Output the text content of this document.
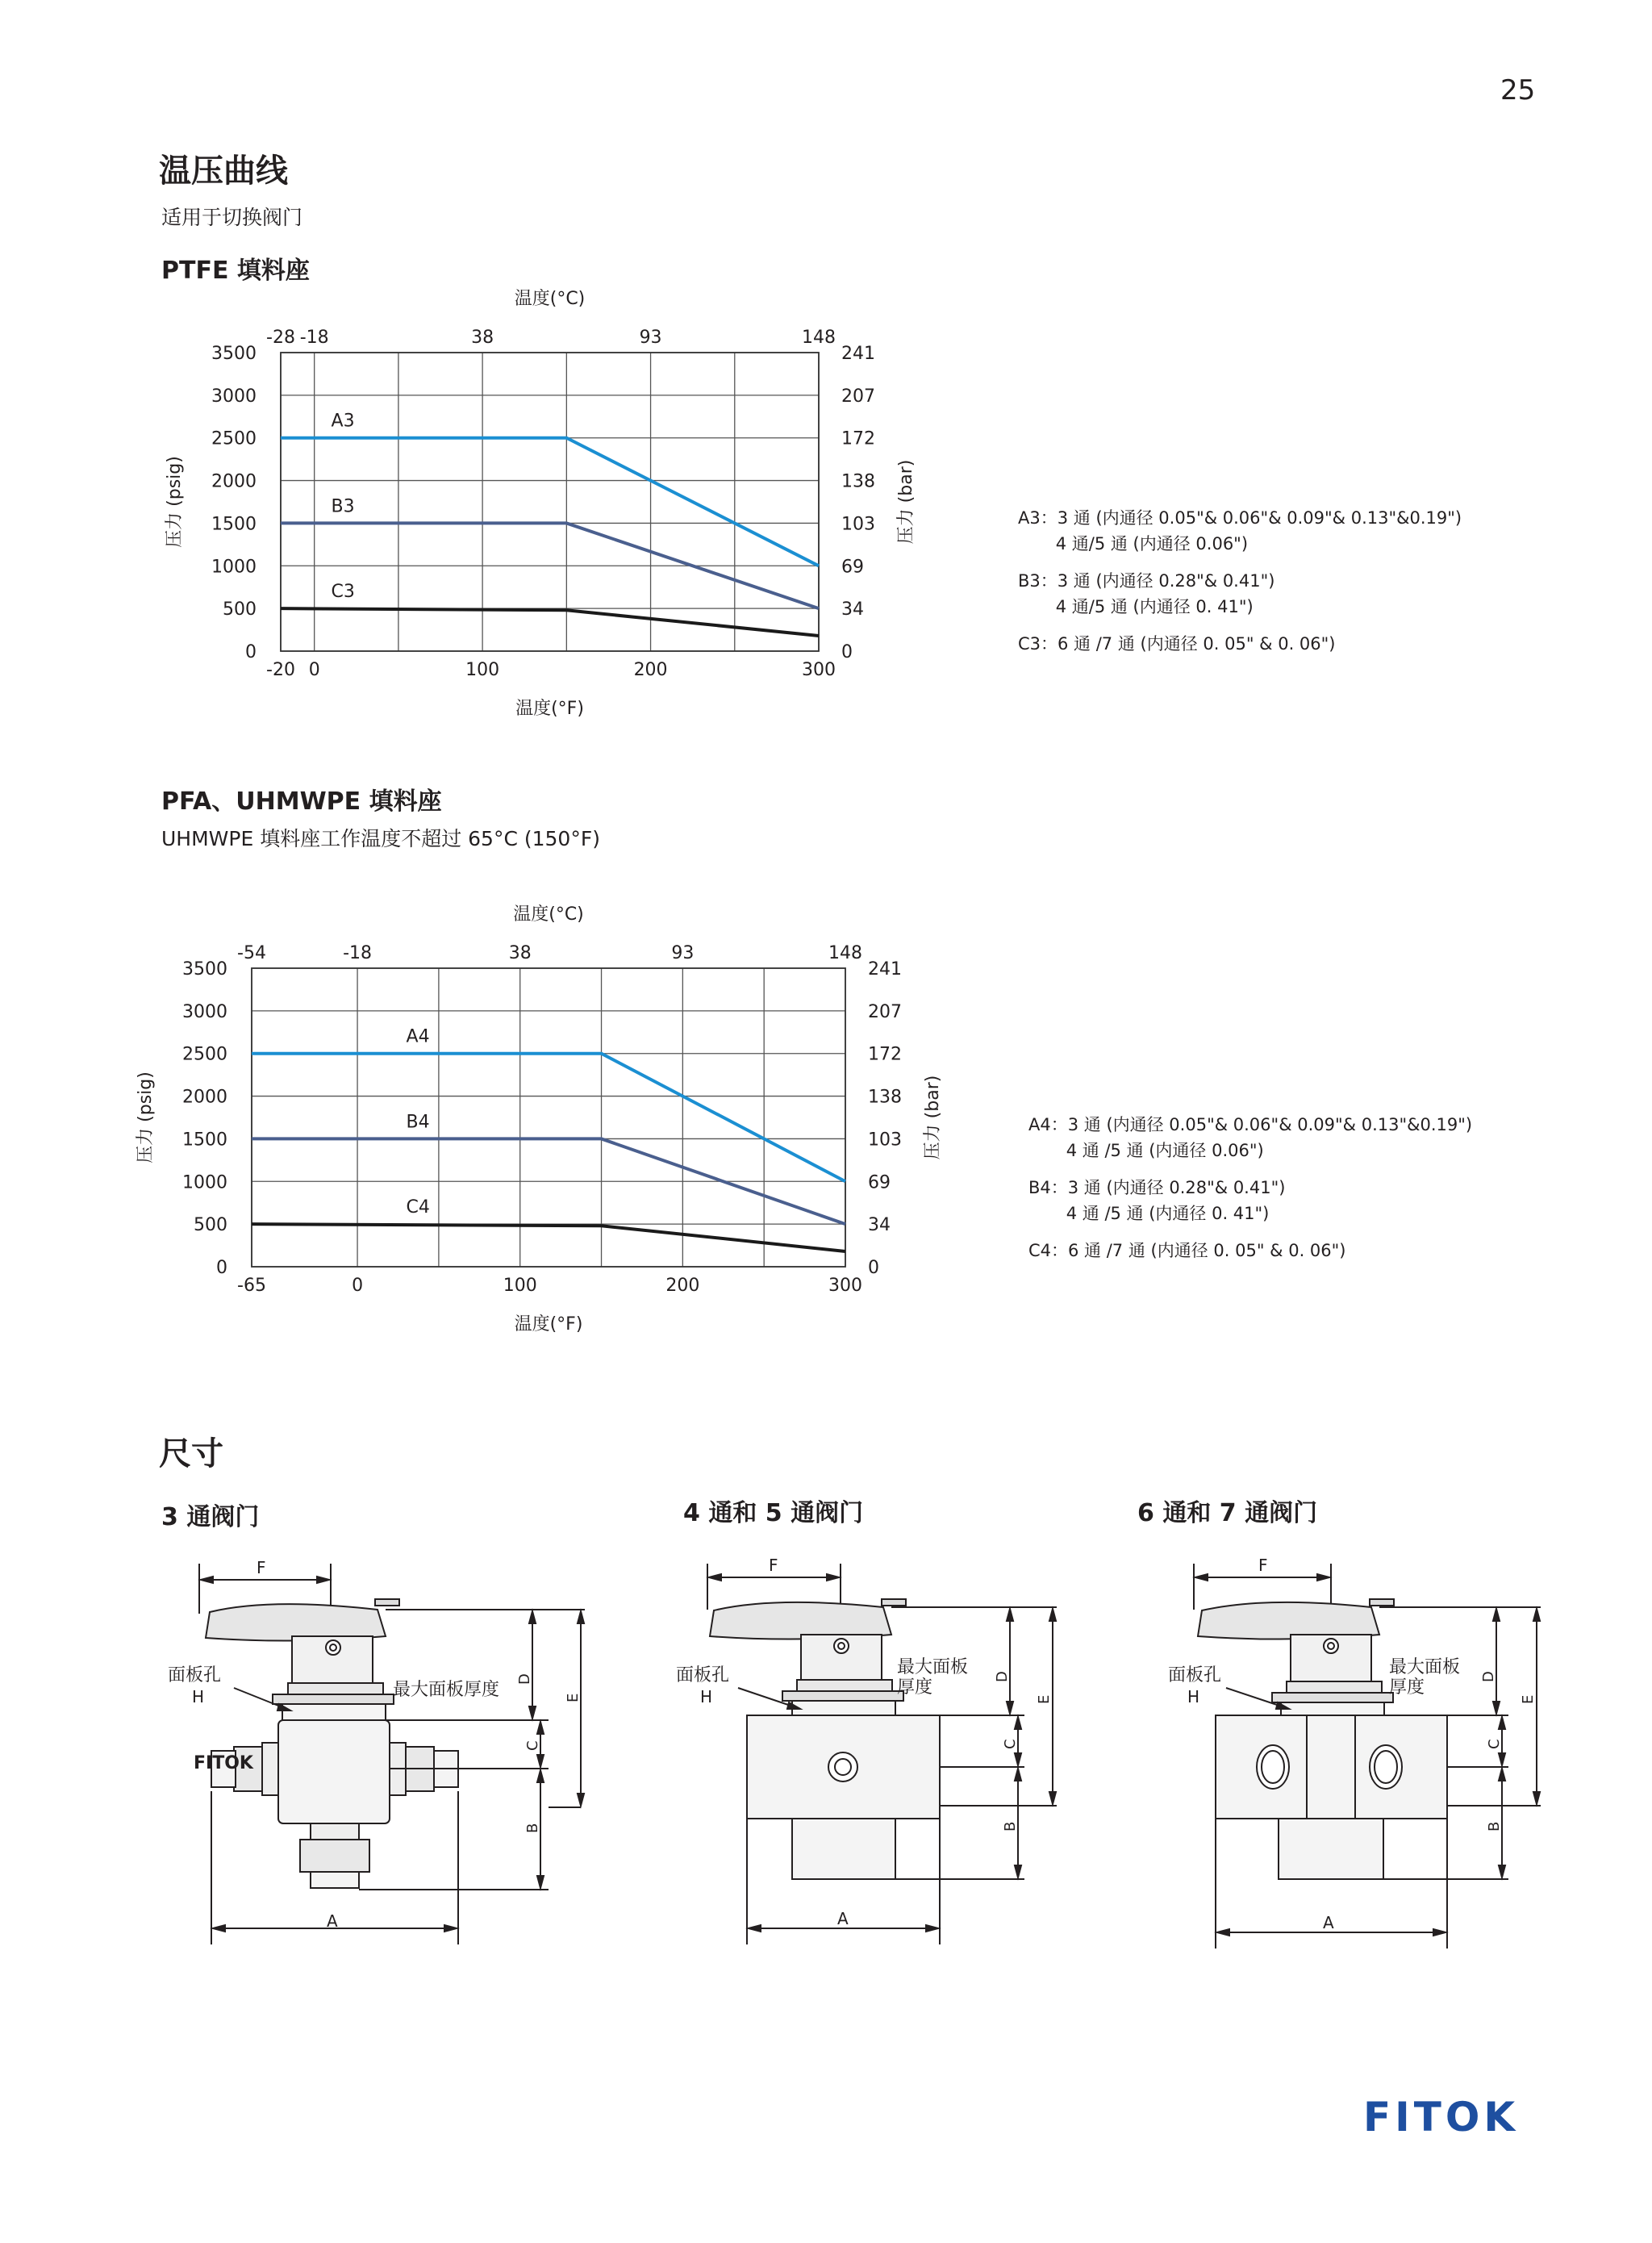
25
温压曲线
适用于切换阀门
PTFE 填料座
0
500
1000
1500
2000
2500
3000
3500
0
34
69
103
138
172
207
241
-20 0	100	200	300
-28 -18	38	93	148
温度(°F)
温度(°C)
压力 (psig)	压力 (bar)
A3
B3
C3
A3：3 通 (内通径 0.05"& 0.06"& 0.09"& 0.13"&0.19")
4 通/5 通 (内通径 0.06")
B3：3 通 (内通径 0.28"& 0.41")
4 通/5 通 (内通径 0. 41")
C3：6 通 /7 通 (内通径 0. 05" & 0. 06")
PFA、UHMWPE 填料座
UHMWPE 填料座工作温度不超过 65°C (150°F)
0
500
1000
1500
2000
2500
3000
3500
0
34
69
103
138
172
207
241
-65	0	100	200	300
-54	-18	38	93	148
温度(°F)
温度(°C)
压力 (psig)	压力 (bar)
A4
B4
C4
A4：3 通 (内通径 0.05"& 0.06"& 0.09"& 0.13"&0.19")
4 通 /5 通 (内通径 0.06")
B4：3 通 (内通径 0.28"& 0.41")
4 通 /5 通 (内通径 0. 41")
C4：6 通 /7 通 (内通径 0. 05" & 0. 06")
尺寸
3 通阀门	4 通和 5 通阀门	6 通和 7 通阀门
F
A
FITOK
面板孔
H	最大面板厚度
D
E
C
B
F
A
面板孔
H
最大面板
厚度
D
E
C
B
F
A
面板孔
H
最大面板
厚度
D
E
C
B
FITOK
